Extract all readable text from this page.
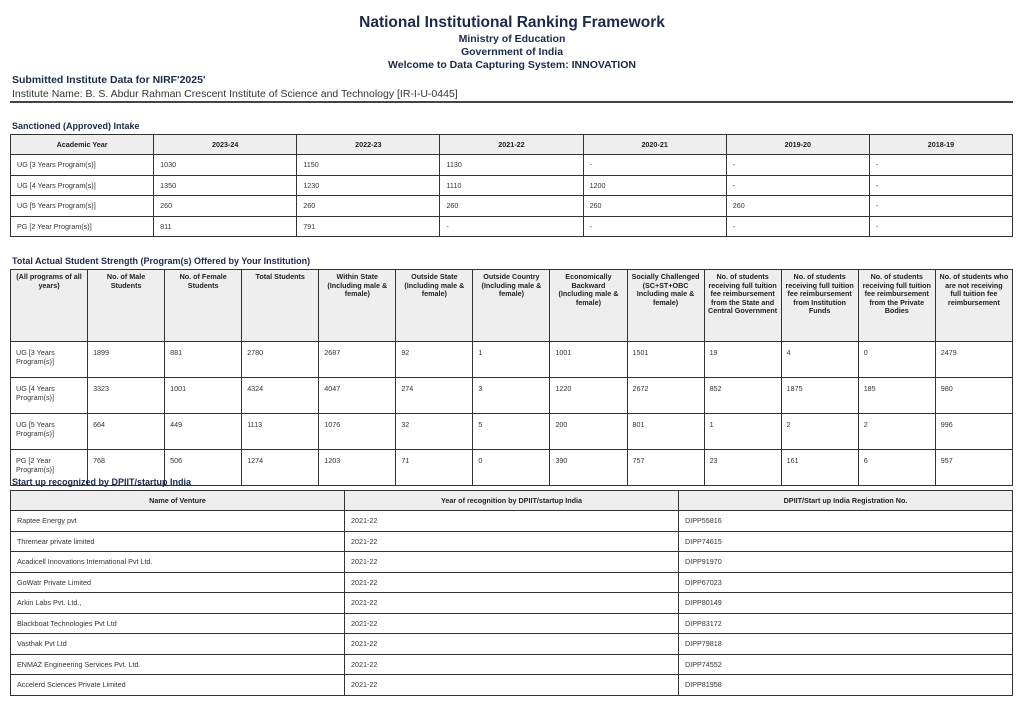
National Institutional Ranking Framework
Ministry of Education
Government of India
Welcome to Data Capturing System: INNOVATION
Submitted Institute Data for NIRF'2025'
Institute Name: B. S. Abdur Rahman Crescent Institute of Science and Technology [IR-I-U-0445]
Sanctioned (Approved) Intake
Academic Year	2023-24	2022-23	2021-22	2020-21	2019-20	2018-19
UG [3 Years Program(s)]	1030	1150	1130	-	-	-
UG [4 Years Program(s)]	1350	1230	1110	1200	-	-
UG [5 Years Program(s)]	260	260	260	260	260	-
PG [2 Year Program(s)]	811	791	-	-	-	-
Total Actual Student Strength (Program(s) Offered by Your Institution)
(All programs of all years)	No. of Male Students	No. of Female Students	Total Students	Within State (Including male & female)	Outside State (Including male & female)	Outside Country (Including male & female)	Economically Backward (Including male & female)	Socially Challenged (SC+ST+OBC Including male & female)	No. of students receiving full tuition fee reimbursement from the State and Central Government	No. of students receiving full tuition fee reimbursement from Institution Funds	No. of students receiving full tuition fee reimbursement from the Private Bodies	No. of students who are not receiving full tuition fee reimbursement
UG [3 Years Program(s)]	1899	881	2780	2687	92	1	1001	1501	19	4	0	2479
UG [4 Years Program(s)]	3323	1001	4324	4047	274	3	1220	2672	852	1875	185	980
UG [5 Years Program(s)]	664	449	1113	1076	32	5	200	801	1	2	2	996
PG [2 Year Program(s)]	768	506	1274	1203	71	0	390	757	23	161	6	957
Start up recognized by DPIIT/startup India
Name of Venture	Year of recognition by DPIIT/startup India	DPIIT/Start up India Registration No.
Raptee Energy pvt	2021-22	DIPP55816
Thremear private limited	2021-22	DIPP74615
Acadicell Innovations International Pvt Ltd.	2021-22	DIPP91970
GoWatr Private Limited	2021-22	DIPP67023
Arkin Labs Pvt. Ltd.,	2021-22	DIPP80149
Blackboat Technologies Pvt Ltd	2021-22	DIPP83172
Vasthak Pvt Ltd	2021-22	DIPP79818
ENMAZ Engineering Services Pvt. Ltd.	2021-22	DIPP74552
Accelerd Sciences Private Limited	2021-22	DIPP81958
